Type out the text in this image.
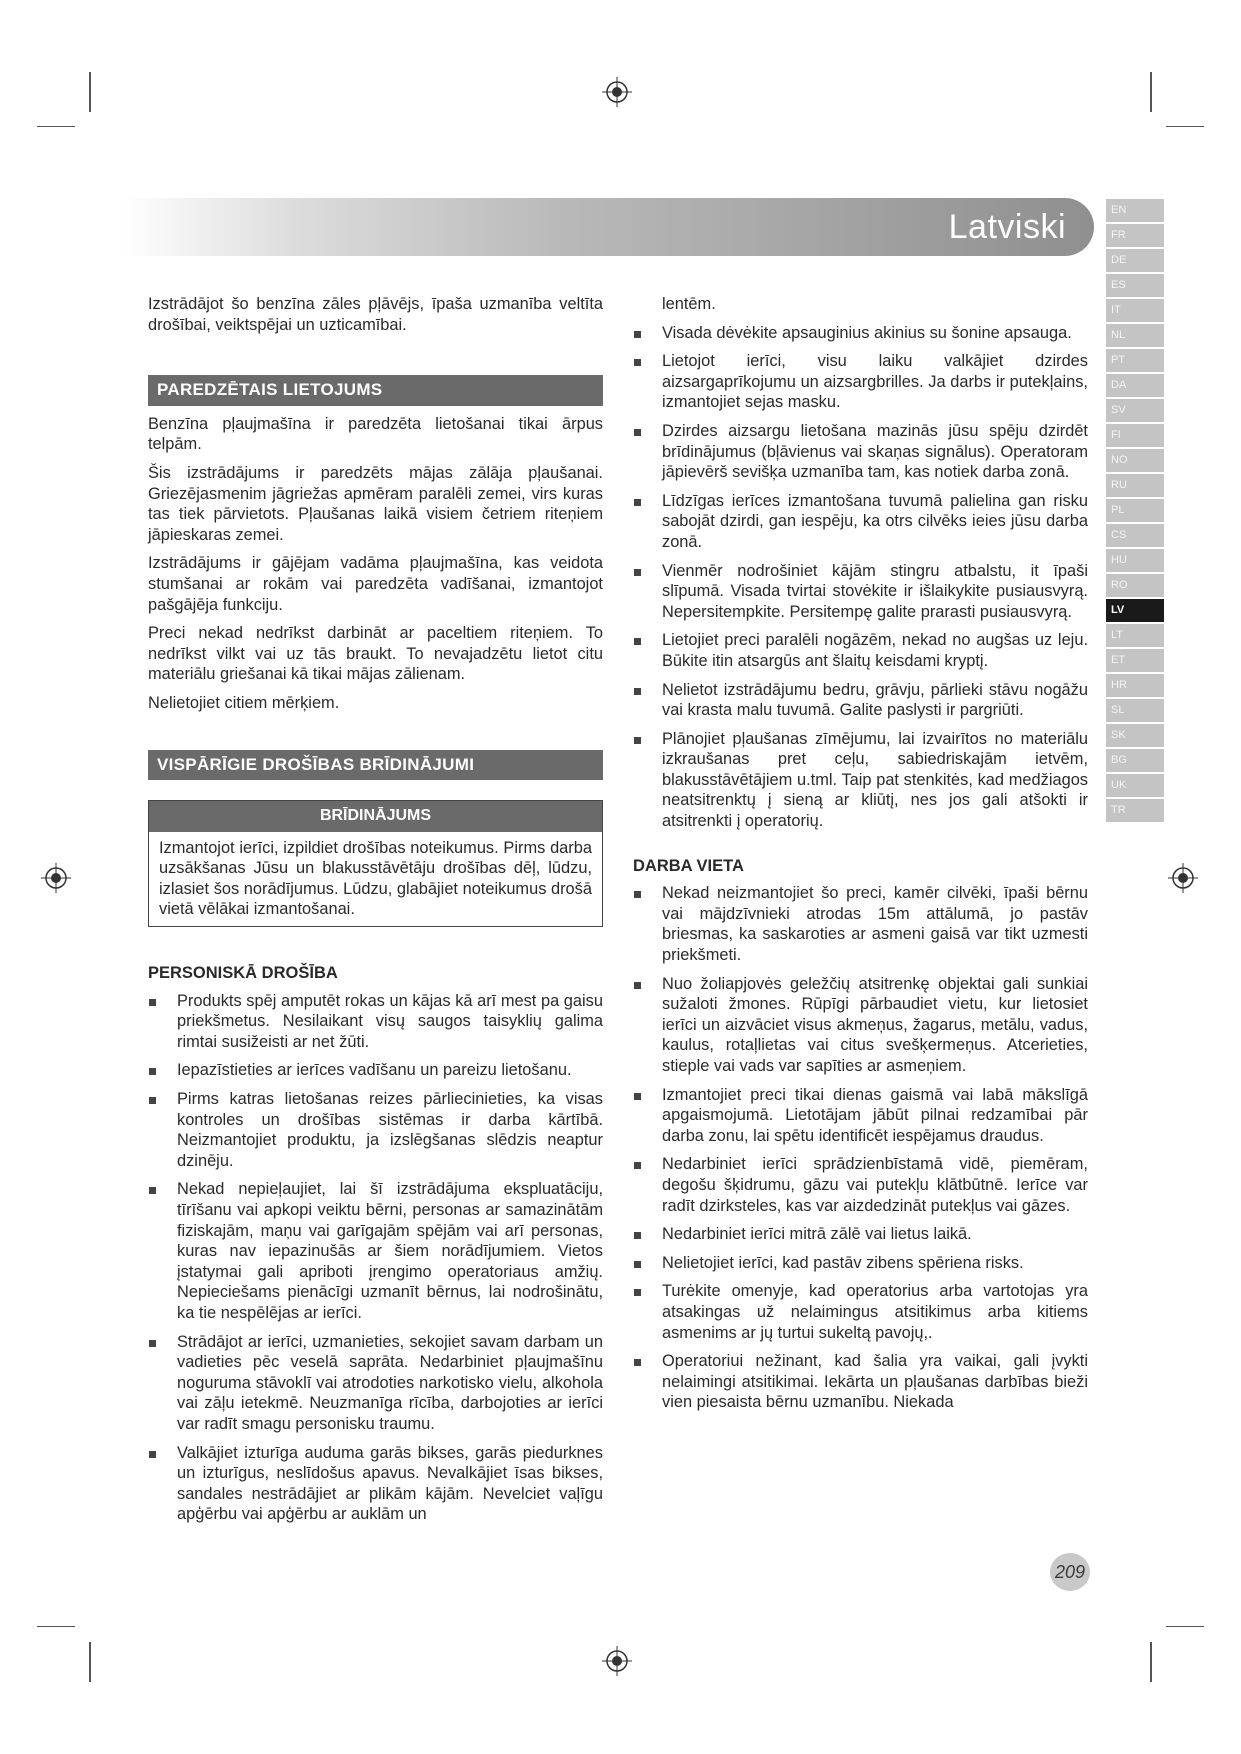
Latviski	EN
FR
DE
ES
IT
NL
PT
DA
SV
FI
NO
RU
PL
CS
HU
RO
LV
LT
ET
HR
SL
SK
BG
UK
TR

Izstrādājot šo benzīna zāles pļāvējs, īpaša uzmanība veltīta drošībai, veiktspējai un uzticamībai.

PAREDZĒTAIS LIETOJUMS

Benzīna pļaujmašīna ir paredzēta lietošanai tikai ārpus telpām.

Šis izstrādājums ir paredzēts mājas zālāja pļaušanai. Griezējasmenim jāgriežas apmēram paralēli zemei, virs kuras tas tiek pārvietots. Pļaušanas laikā visiem četriem riteņiem jāpieskaras zemei.

Izstrādājums ir gājējam vadāma pļaujmašīna, kas veidota stumšanai ar rokām vai paredzēta vadīšanai, izmantojot pašgājēja funkciju.

Preci nekad nedrīkst darbināt ar paceltiem riteņiem. To nedrīkst vilkt vai uz tās braukt. To nevajadzētu lietot citu materiālu griešanai kā tikai mājas zālienam.

Nelietojiet citiem mērķiem.

VISPĀRĪGIE DROŠĪBAS BRĪDINĀJUMI
BRĪDINĀJUMS
Izmantojot ierīci, izpildiet drošības noteikumus. Pirms darba uzsākšanas Jūsu un blakusstāvētāju drošības dēļ, lūdzu, izlasiet šos norādījumus. Lūdzu, glabājiet noteikumus drošā vietā vēlākai izmantošanai.
PERSONISKĀ DROŠĪBA
Produkts spēj amputēt rokas un kājas kā arī mest pa gaisu priekšmetus. Nesilaikant visų saugos taisyklių galima rimtai susižeisti ar net žūti.
Iepazīstieties ar ierīces vadīšanu un pareizu lietošanu.
Pirms katras lietošanas reizes pārliecinieties, ka visas kontroles un drošības sistēmas ir darba kārtībā. Neizmantojiet produktu, ja izslēgšanas slēdzis neaptur dzinēju.
Nekad nepieļaujiet, lai šī izstrādājuma ekspluatāciju, tīrīšanu vai apkopi veiktu bērni, personas ar samazinātām fiziskajām, maņu vai garīgajām spējām vai arī personas, kuras nav iepazinušās ar šiem norādījumiem. Vietos įstatymai gali apriboti įrengimo operatoriaus amžių. Nepieciešams pienācīgi uzmanīt bērnus, lai nodrošinātu, ka tie nespēlējas ar ierīci.
Strādājot ar ierīci, uzmanieties, sekojiet savam darbam un vadieties pēc veselā saprāta. Nedarbiniet pļaujmašīnu noguruma stāvoklī vai atrodoties narkotisko vielu, alkohola vai zāļu ietekmē. Neuzmanīga rīcība, darbojoties ar ierīci var radīt smagu personisku traumu.
Valkājiet izturīga auduma garās bikses, garās piedurknes un izturīgus, neslīdošus apavus. Nevalkājiet īsas bikses, sandales nestrādājiet ar plikām kājām. Nevelciet vaļīgu apģērbu vai apģērbu ar auklām un

lentēm.

Visada dėvėkite apsauginius akinius su šonine apsauga.
Lietojot ierīci, visu laiku valkājiet dzirdes aizsargaprīkojumu un aizsargbrilles. Ja darbs ir putekļains, izmantojiet sejas masku.
Dzirdes aizsargu lietošana mazinās jūsu spēju dzirdēt brīdinājumus (bļāvienus vai skaņas signālus). Operatoram jāpievērš sevišķa uzmanība tam, kas notiek darba zonā.
Līdzīgas ierīces izmantošana tuvumā palielina gan risku sabojāt dzirdi, gan iespēju, ka otrs cilvēks ieies jūsu darba zonā.
Vienmēr nodrošiniet kājām stingru atbalstu, it īpaši slīpumā. Visada tvirtai stovėkite ir išlaikykite pusiausvyrą. Nepersitempkite. Persitempę galite prarasti pusiausvyrą.
Lietojiet preci paralēli nogāzēm, nekad no augšas uz leju. Būkite itin atsargūs ant šlaitų keisdami kryptį.
Nelietot izstrādājumu bedru, grāvju, pārlieki stāvu nogāžu vai krasta malu tuvumā. Galite paslysti ir pargriūti.
Plānojiet pļaušanas zīmējumu, lai izvairītos no materiālu izkraušanas pret ceļu, sabiedriskajām ietvēm, blakusstāvētājiem u.tml. Taip pat stenkitės, kad medžiagos neatsitrenktų į sieną ar kliūtį, nes jos gali atšokti ir atsitrenkti į operatorių.
DARBA VIETA
Nekad neizmantojiet šo preci, kamēr cilvēki, īpaši bērnu vai mājdzīvnieki atrodas 15m attālumā, jo pastāv briesmas, ka saskaroties ar asmeni gaisā var tikt uzmesti priekšmeti.
Nuo žoliapjovės geležčių atsitrenkę objektai gali sunkiai sužaloti žmones. Rūpīgi pārbaudiet vietu, kur lietosiet ierīci un aizvāciet visus akmeņus, žagarus, metālu, vadus, kaulus, rotaļlietas vai citus svešķermeņus. Atcerieties, stieple vai vads var sapīties ar asmeņiem.
Izmantojiet preci tikai dienas gaismā vai labā mākslīgā apgaismojumā. Lietotājam jābūt pilnai redzamībai pār darba zonu, lai spētu identificēt iespējamus draudus.
Nedarbiniet ierīci sprādzienbīstamā vidē, piemēram, degošu šķidrumu, gāzu vai putekļu klātbūtnē. Ierīce var radīt dzirksteles, kas var aizdedzināt putekļus vai gāzes.
Nedarbiniet ierīci mitrā zālē vai lietus laikā.
Nelietojiet ierīci, kad pastāv zibens spēriena risks.
Turėkite omenyje, kad operatorius arba vartotojas yra atsakingas už nelaimingus atsitikimus arba kitiems asmenims ar jų turtui sukeltą pavojų,.
Operatoriui nežinant, kad šalia yra vaikai, gali įvykti nelaimingi atsitikimai. Iekārta un pļaušanas darbības bieži vien piesaista bērnu uzmanību. Niekada
209
